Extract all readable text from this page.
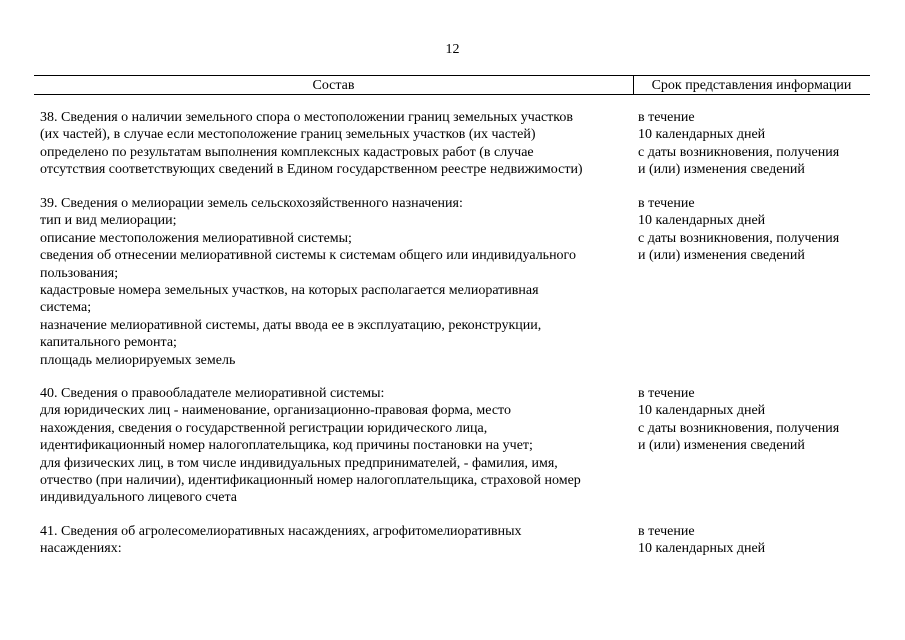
12
Состав	Срок представления информации
38. Сведения о наличии земельного спора о местоположении границ земельных участков
(их частей), в случае если местоположение границ земельных участков (их частей)
определено по результатам выполнения комплексных кадастровых работ (в случае
отсутствия соответствующих сведений в Едином государственном реестре недвижимости)
в течение
10 календарных дней
с даты возникновения, получения
и (или) изменения сведений
39. Сведения о мелиорации земель сельскохозяйственного назначения:
тип и вид мелиорации;
описание местоположения мелиоративной системы;
сведения об отнесении мелиоративной системы к системам общего или индивидуального
пользования;
кадастровые номера земельных участков, на которых располагается мелиоративная
система;
назначение мелиоративной системы, даты ввода ее в эксплуатацию, реконструкции,
капитального ремонта;
площадь мелиорируемых земель
в течение
10 календарных дней
с даты возникновения, получения
и (или) изменения сведений
40. Сведения о правообладателе мелиоративной системы:
для юридических лиц - наименование, организационно-правовая форма, место
нахождения, сведения о государственной регистрации юридического лица,
идентификационный номер налогоплательщика, код причины постановки на учет;
для физических лиц, в том числе индивидуальных предпринимателей, - фамилия, имя,
отчество (при наличии), идентификационный номер налогоплательщика, страховой номер
индивидуального лицевого счета
в течение
10 календарных дней
с даты возникновения, получения
и (или) изменения сведений
41. Сведения об агролесомелиоративных насаждениях, агрофитомелиоративных
насаждениях:
в течение
10 календарных дней
